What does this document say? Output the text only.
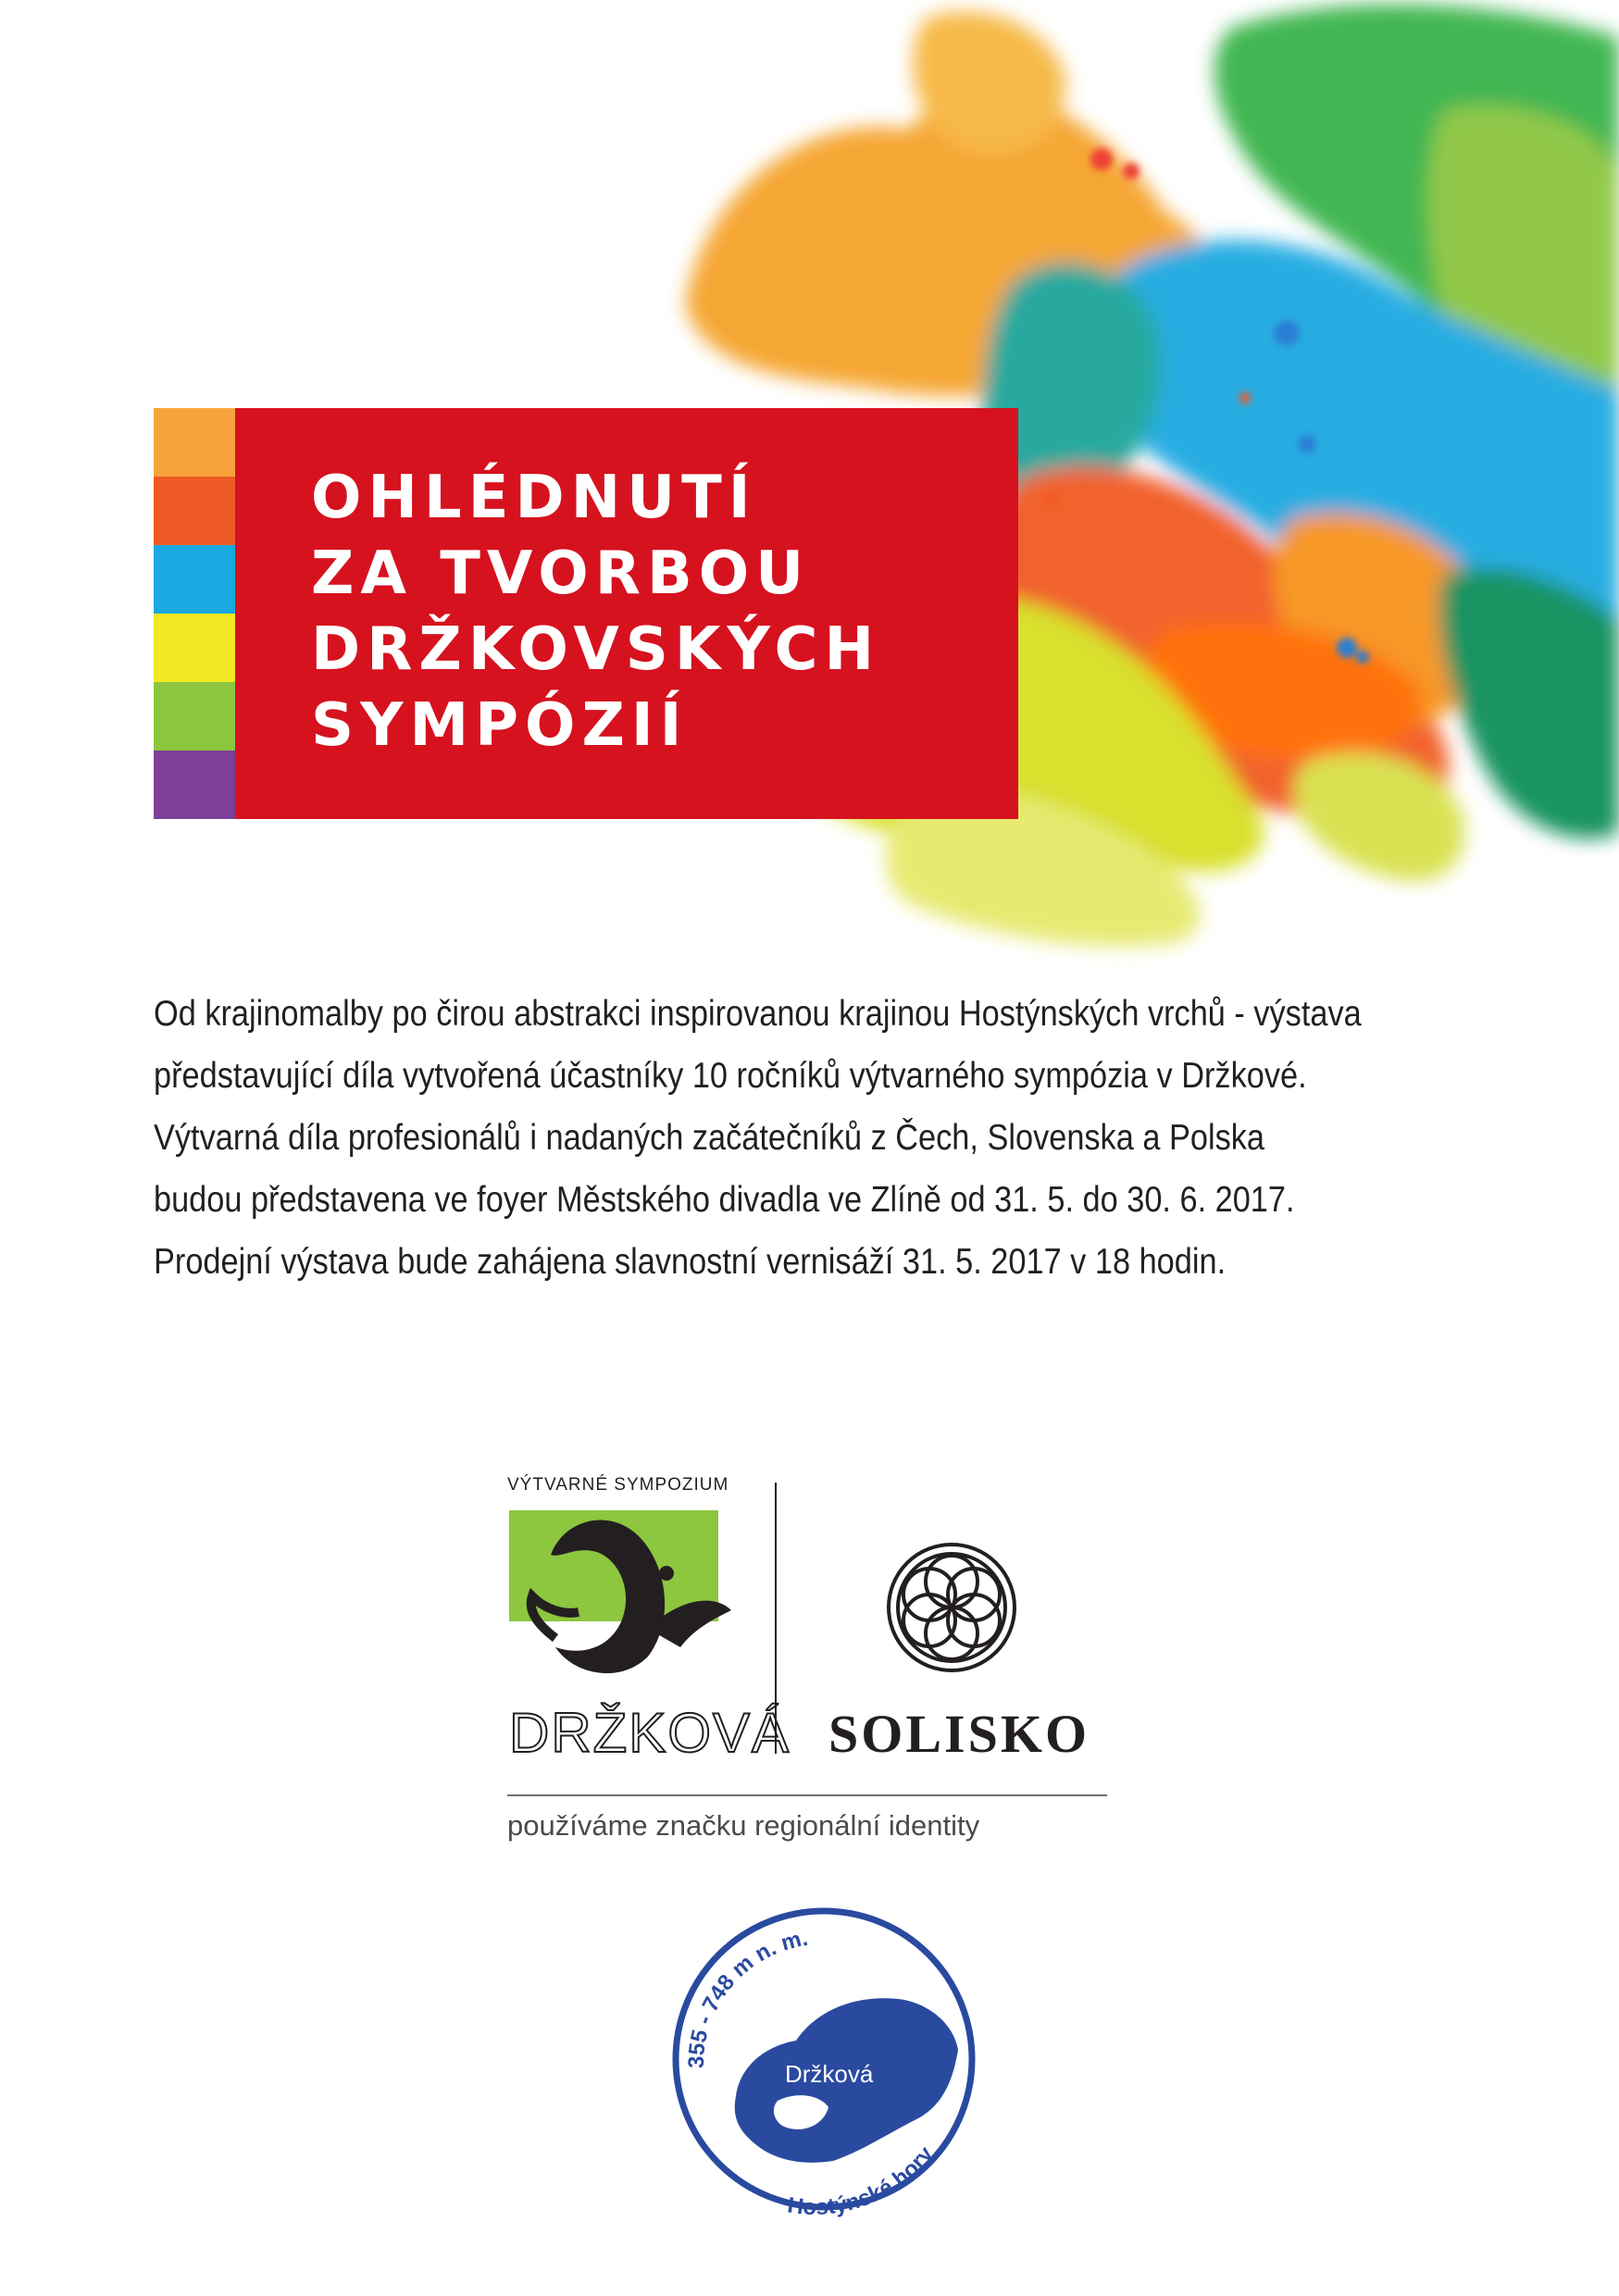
OHLÉDNUTÍ
ZA TVORBOU
DRŽKOVSKÝCH
SYMPÓZIÍ
Od krajinomalby po čirou abstrakci inspirovanou krajinou Hostýnských vrchů - výstava
představující díla vytvořená účastníky 10 ročníků výtvarného sympózia v Držkové.
Výtvarná díla profesionálů i nadaných začátečníků z Čech, Slovenska a Polska
budou představena ve foyer Městského divadla ve Zlíně od 31. 5. do 30. 6. 2017.
Prodejní výstava bude zahájena slavnostní vernisáží 31. 5. 2017 v 18 hodin.
VÝTVARNÉ SYMPOZIUM
DRŽKOVÁ SOLISKO
používáme značku regionální identity
Držková
355 - 748 m n. m.
Hostýnské hory
